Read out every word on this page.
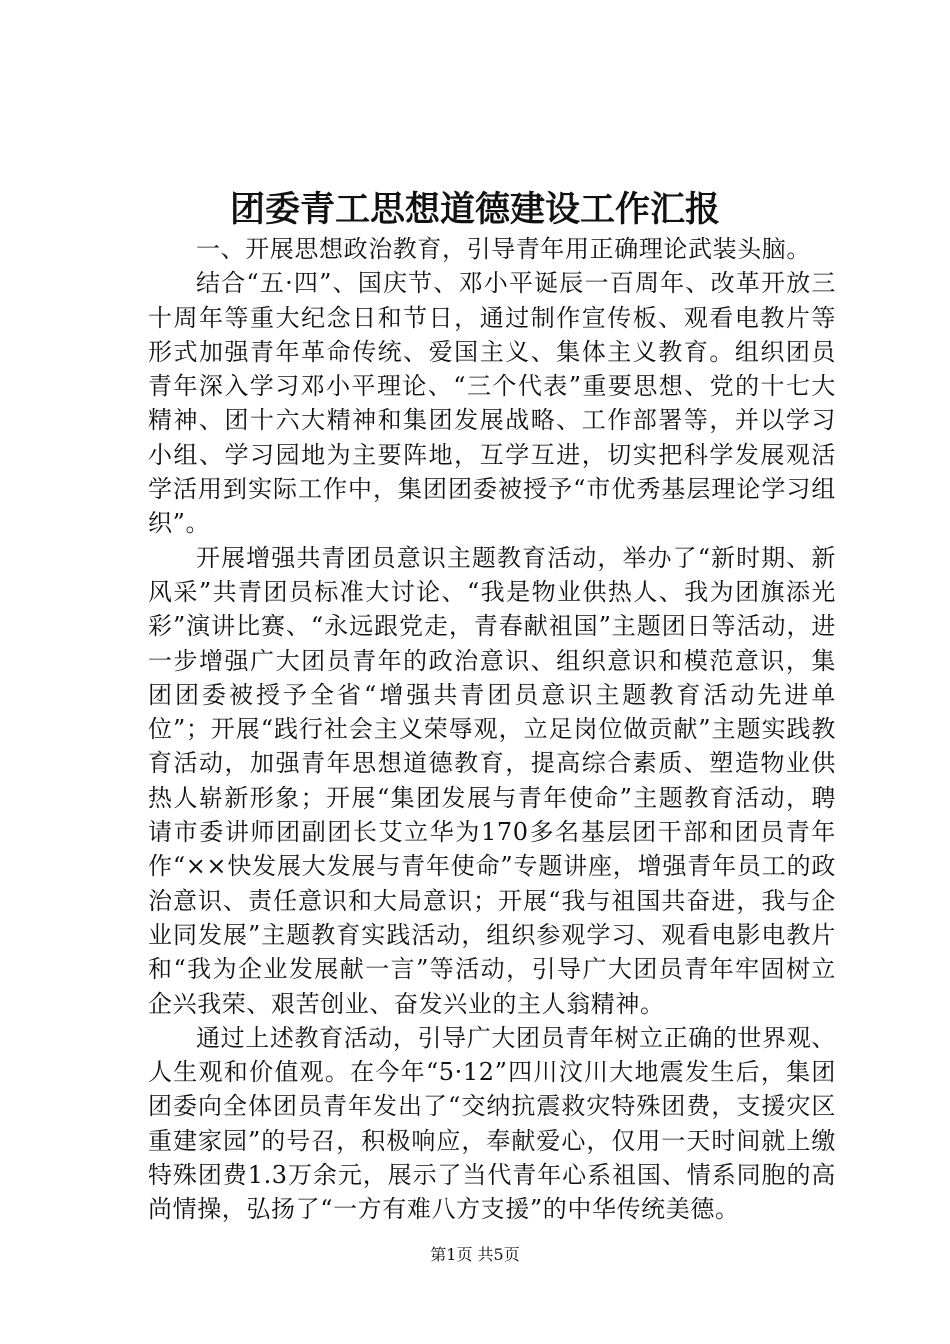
团委青工思想道德建设工作汇报

一、开展思想政治教育，引导青年用正确理论武装头脑。

结合“五·四”、国庆节、邓小平诞辰一百周年、改革开放三十周年等重大纪念日和节日，通过制作宣传板、观看电教片等形式加强青年革命传统、爱国主义、集体主义教育。组织团员青年深入学习邓小平理论、“三个代表”重要思想、党的十七大精神、团十六大精神和集团发展战略、工作部署等，并以学习小组、学习园地为主要阵地，互学互进，切实把科学发展观活学活用到实际工作中，集团团委被授予“市优秀基层理论学习组织”。

开展增强共青团员意识主题教育活动，举办了“新时期、新风采”共青团员标准大讨论、“我是物业供热人、我为团旗添光彩”演讲比赛、“永远跟党走，青春献祖国”主题团日等活动，进一步增强广大团员青年的政治意识、组织意识和模范意识，集团团委被授予全省“增强共青团员意识主题教育活动先进单位”；开展“践行社会主义荣辱观，立足岗位做贡献”主题实践教育活动，加强青年思想道德教育，提高综合素质、塑造物业供热人崭新形象；开展“集团发展与青年使命”主题教育活动，聘请市委讲师团副团长艾立华为170多名基层团干部和团员青年作“××快发展大发展与青年使命”专题讲座，增强青年员工的政治意识、责任意识和大局意识；开展“我与祖国共奋进，我与企业同发展”主题教育实践活动，组织参观学习、观看电影电教片和“我为企业发展献一言”等活动，引导广大团员青年牢固树立企兴我荣、艰苦创业、奋发兴业的主人翁精神。

通过上述教育活动，引导广大团员青年树立正确的世界观、人生观和价值观。在今年“5·12”四川汶川大地震发生后，集团团委向全体团员青年发出了“交纳抗震救灾特殊团费，支援灾区重建家园”的号召，积极响应，奉献爱心，仅用一天时间就上缴特殊团费1.3万余元，展示了当代青年心系祖国、情系同胞的高尚情操，弘扬了“一方有难八方支援”的中华传统美德。

第1页 共5页
